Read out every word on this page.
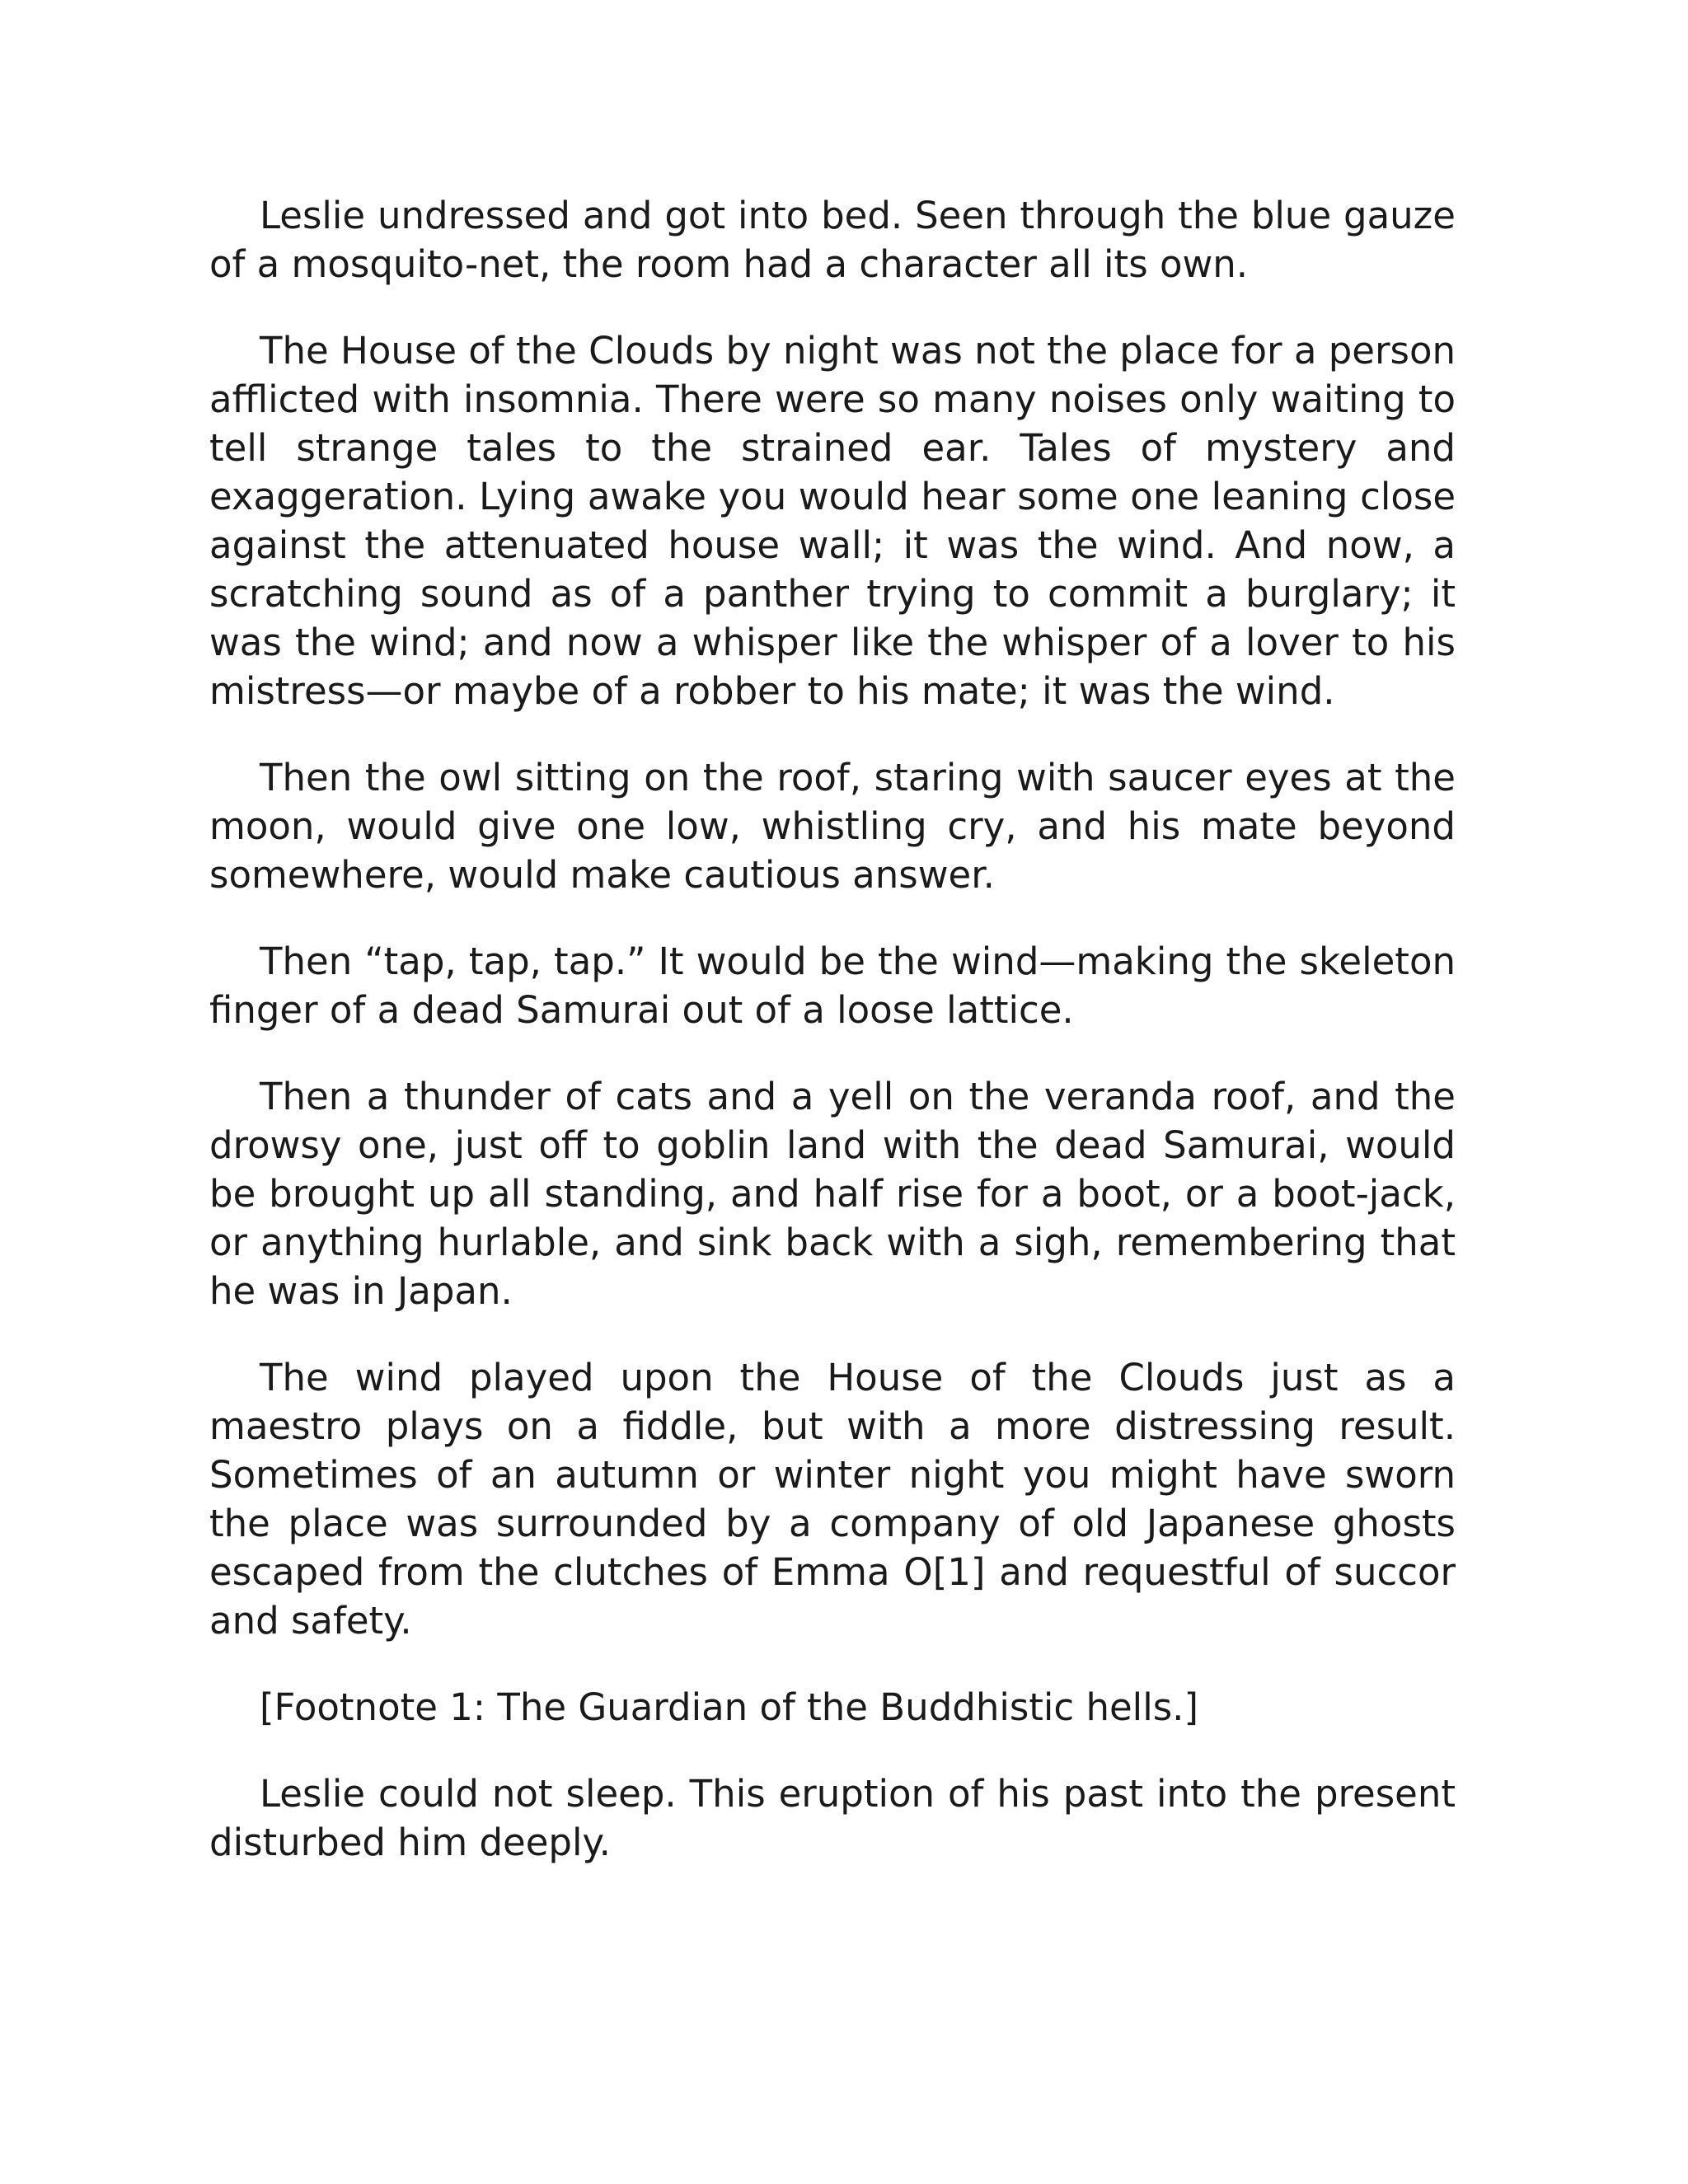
Leslie undressed and got into bed. Seen through the blue gauze of a mosquito-net, the room had a character all its own.

The House of the Clouds by night was not the place for a person afflicted with insomnia. There were so many noises only waiting to tell strange tales to the strained ear. Tales of mystery and exaggeration. Lying awake you would hear some one leaning close against the attenuated house wall; it was the wind. And now, a scratching sound as of a panther trying to commit a burglary; it was the wind; and now a whisper like the whisper of a lover to his mistress—or maybe of a robber to his mate; it was the wind.

Then the owl sitting on the roof, staring with saucer eyes at the moon, would give one low, whistling cry, and his mate beyond somewhere, would make cautious answer.

Then “tap, tap, tap.” It would be the wind—making the skeleton finger of a dead Samurai out of a loose lattice.

Then a thunder of cats and a yell on the veranda roof, and the drowsy one, just off to goblin land with the dead Samurai, would be brought up all standing, and half rise for a boot, or a boot-jack, or anything hurlable, and sink back with a sigh, remembering that he was in Japan.

The wind played upon the House of the Clouds just as a maestro plays on a fiddle, but with a more distressing result. Sometimes of an autumn or winter night you might have sworn the place was surrounded by a company of old Japanese ghosts escaped from the clutches of Emma O[1] and requestful of succor and safety.

[Footnote 1: The Guardian of the Buddhistic hells.]

Leslie could not sleep. This eruption of his past into the present disturbed him deeply.
